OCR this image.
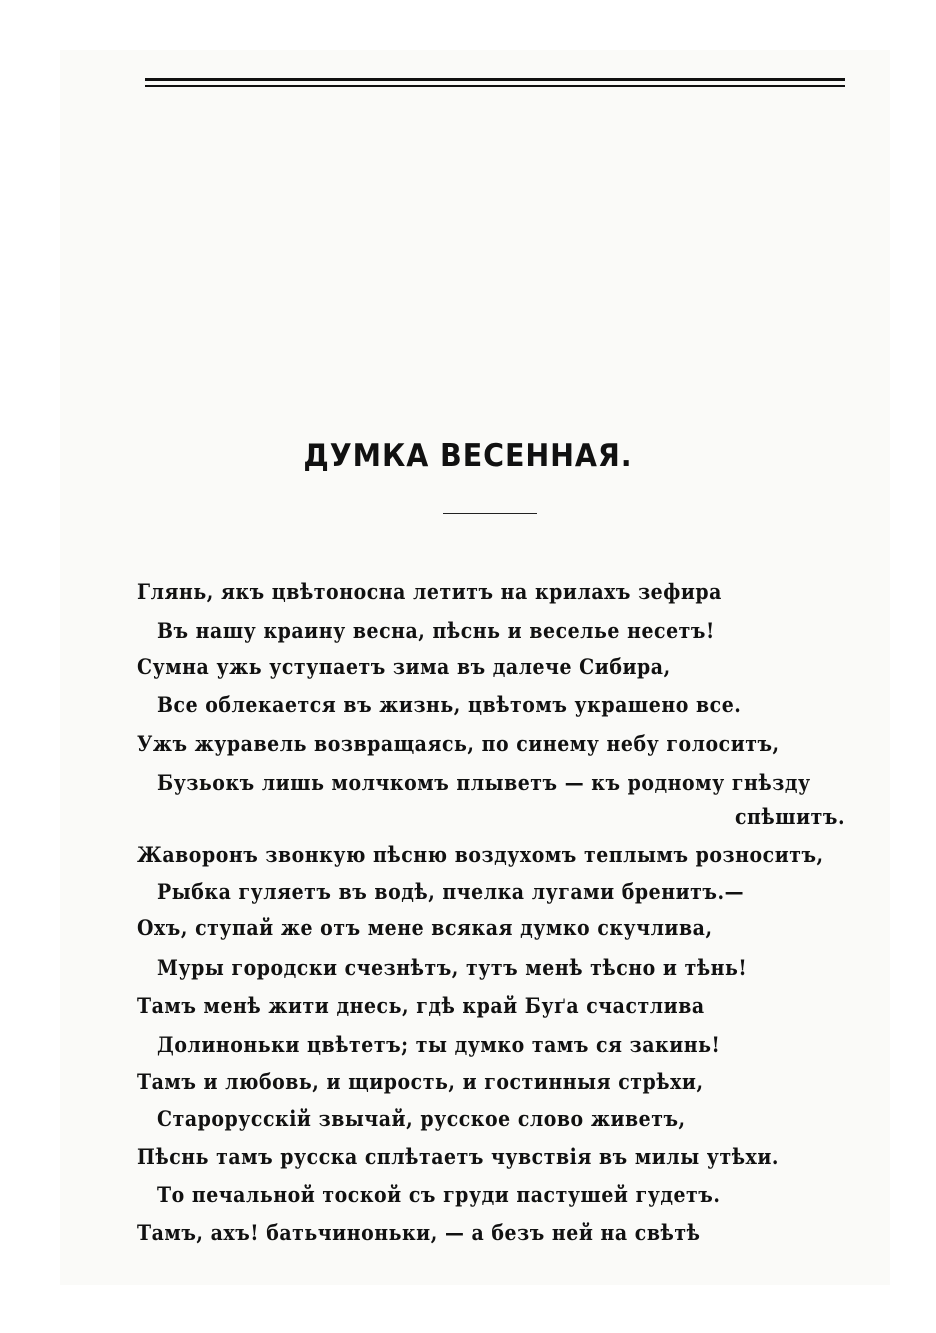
ДУМКА ВЕСЕННАЯ.
Глянь, якъ цвѣтоносна летитъ на крилахъ зефира
Въ нашу краину весна, пѣснь и веселье несетъ!
Сумна ужь уступаетъ зима въ далече Сибира,
Все облекается въ жизнь, цвѣтомъ украшено все.
Ужъ журавель возвращаясь, по синему небу голоситъ,
Бузьокъ лишь молчкомъ плыветъ — къ родному гнѣзду
спѣшитъ.
Жаворонъ звонкую пѣсню воздухомъ теплымъ розноситъ,
Рыбка гуляетъ въ водѣ, пчелка лугами бренитъ.—
Охъ, ступай же отъ мене всякая думко скучлива,
Муры городски счезнѣтъ, тутъ менѣ тѣсно и тѣнь!
Тамъ менѣ жити днесь, гдѣ край Буґа счастлива
Долиноньки цвѣтетъ; ты думко тамъ ся закинь!
Тамъ и любовь, и щирость, и гостинныя стрѣхи,
Старорусскій звычай, русское слово живетъ,
Пѣснь тамъ русска сплѣтаетъ чувствія въ милы утѣхи.
То печальной тоской съ груди пастушей гудетъ.
Тамъ, ахъ! батьчиноньки, — а безъ ней на свѣтѣ
